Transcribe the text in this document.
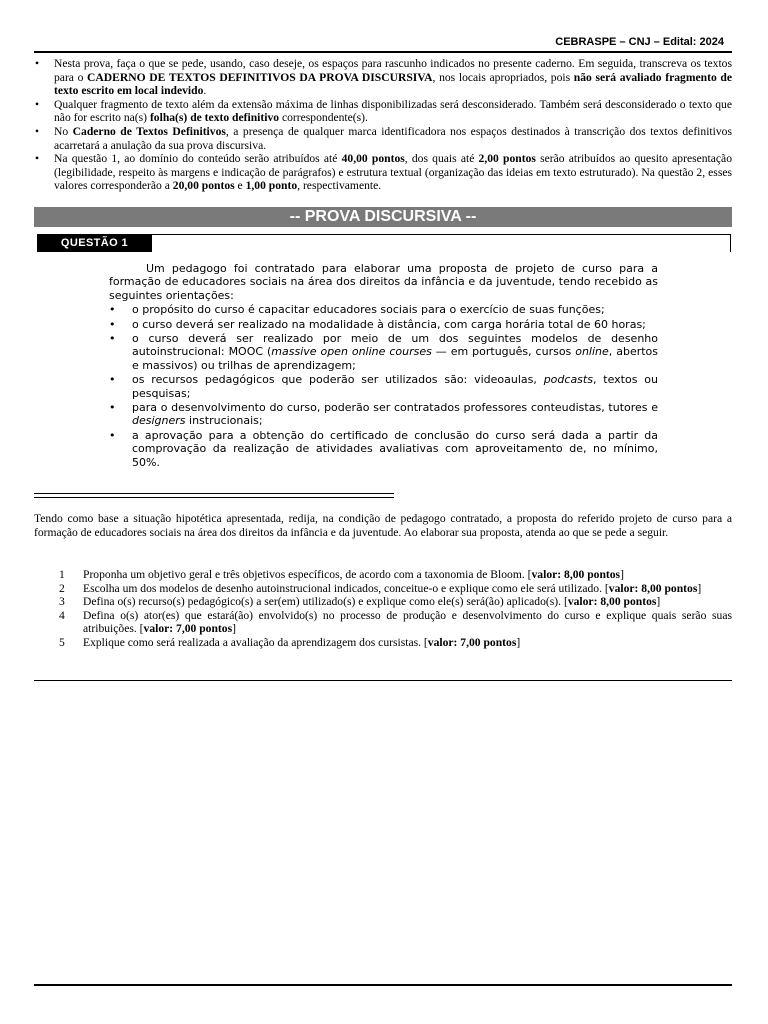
CEBRASPE – CNJ – Edital: 2024
• Nesta prova, faça o que se pede, usando, caso deseje, os espaços para rascunho indicados no presente caderno. Em seguida, transcreva os textos para o CADERNO DE TEXTOS DEFINITIVOS DA PROVA DISCURSIVA, nos locais apropriados, pois não será avaliado fragmento de texto escrito em local indevido.
• Qualquer fragmento de texto além da extensão máxima de linhas disponibilizadas será desconsiderado. Também será desconsiderado o texto que não for escrito na(s) folha(s) de texto definitivo correspondente(s).
• No Caderno de Textos Definitivos, a presença de qualquer marca identificadora nos espaços destinados à transcrição dos textos definitivos acarretará a anulação da sua prova discursiva.
• Na questão 1, ao domínio do conteúdo serão atribuídos até 40,00 pontos, dos quais até 2,00 pontos serão atribuídos ao quesito apresentação (legibilidade, respeito às margens e indicação de parágrafos) e estrutura textual (organização das ideias em texto estruturado). Na questão 2, esses valores corresponderão a 20,00 pontos e 1,00 ponto, respectivamente.
-- PROVA DISCURSIVA --
QUESTÃO 1

Um pedagogo foi contratado para elaborar uma proposta de projeto de curso para a formação de educadores sociais na área dos direitos da infância e da juventude, tendo recebido as seguintes orientações:

• o propósito do curso é capacitar educadores sociais para o exercício de suas funções;
• o curso deverá ser realizado na modalidade à distância, com carga horária total de 60 horas;
• o curso deverá ser realizado por meio de um dos seguintes modelos de desenho autoinstrucional: MOOC (massive open online courses — em português, cursos online, abertos e massivos) ou trilhas de aprendizagem;
• os recursos pedagógicos que poderão ser utilizados são: videoaulas, podcasts, textos ou pesquisas;
• para o desenvolvimento do curso, poderão ser contratados professores conteudistas, tutores e designers instrucionais;
• a aprovação para a obtenção do certificado de conclusão do curso será dada a partir da comprovação da realização de atividades avaliativas com aproveitamento de, no mínimo, 50%.

Tendo como base a situação hipotética apresentada, redija, na condição de pedagogo contratado, a proposta do referido projeto de curso para a formação de educadores sociais na área dos direitos da infância e da juventude. Ao elaborar sua proposta, atenda ao que se pede a seguir.

1 Proponha um objetivo geral e três objetivos específicos, de acordo com a taxonomia de Bloom. [valor: 8,00 pontos]
2 Escolha um dos modelos de desenho autoinstrucional indicados, conceitue-o e explique como ele será utilizado. [valor: 8,00 pontos]
3 Defina o(s) recurso(s) pedagógico(s) a ser(em) utilizado(s) e explique como ele(s) será(ão) aplicado(s). [valor: 8,00 pontos]
4 Defina o(s) ator(es) que estará(ão) envolvido(s) no processo de produção e desenvolvimento do curso e explique quais serão suas atribuições. [valor: 7,00 pontos]
5 Explique como será realizada a avaliação da aprendizagem dos cursistas. [valor: 7,00 pontos]
